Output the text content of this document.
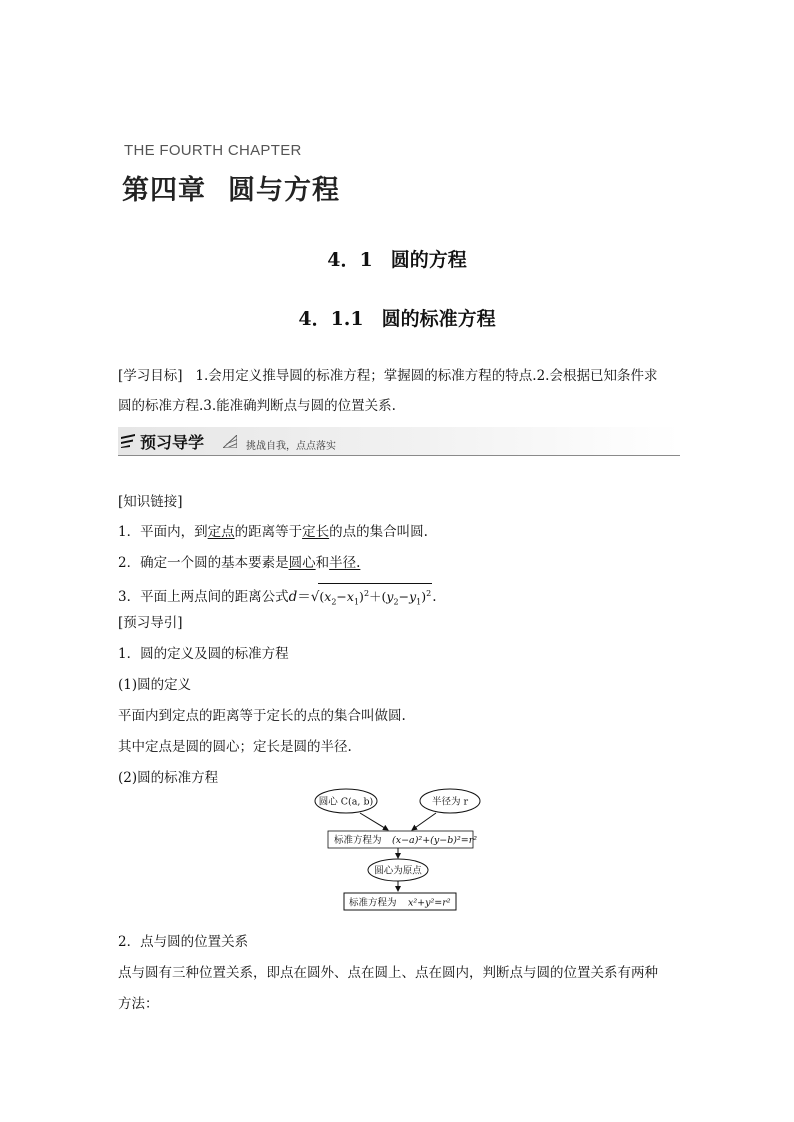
THE FOURTH CHAPTER
第四章 圆与方程
4．1 圆的方程
4．1.1 圆的标准方程
[学习目标] 1.会用定义推导圆的标准方程；掌握圆的标准方程的特点.2.会根据已知条件求
圆的标准方程.3.能准确判断点与圆的位置关系.
预习导学	挑战自我，点点落实
[知识链接]
1．平面内，到定点的距离等于定长的点的集合叫圆.
2．确定一个圆的基本要素是圆心和半径.
3．平面上两点间的距离公式$d=√(x_2-x_1)^2+(y_2-y_1)^2$.
[预习导引]
1．圆的定义及圆的标准方程
(1)圆的定义
平面内到定点的距离等于定长的点的集合叫做圆.
其中定点是圆的圆心；定长是圆的半径.
(2)圆的标准方程
圆心 C(a, b)	半径为 r
标准方程为 (x−a)²+(y−b)²=r²
圆心为原点
标准方程为 x²+y²=r²
2．点与圆的位置关系
点与圆有三种位置关系，即点在圆外、点在圆上、点在圆内，判断点与圆的位置关系有两种
方法：
